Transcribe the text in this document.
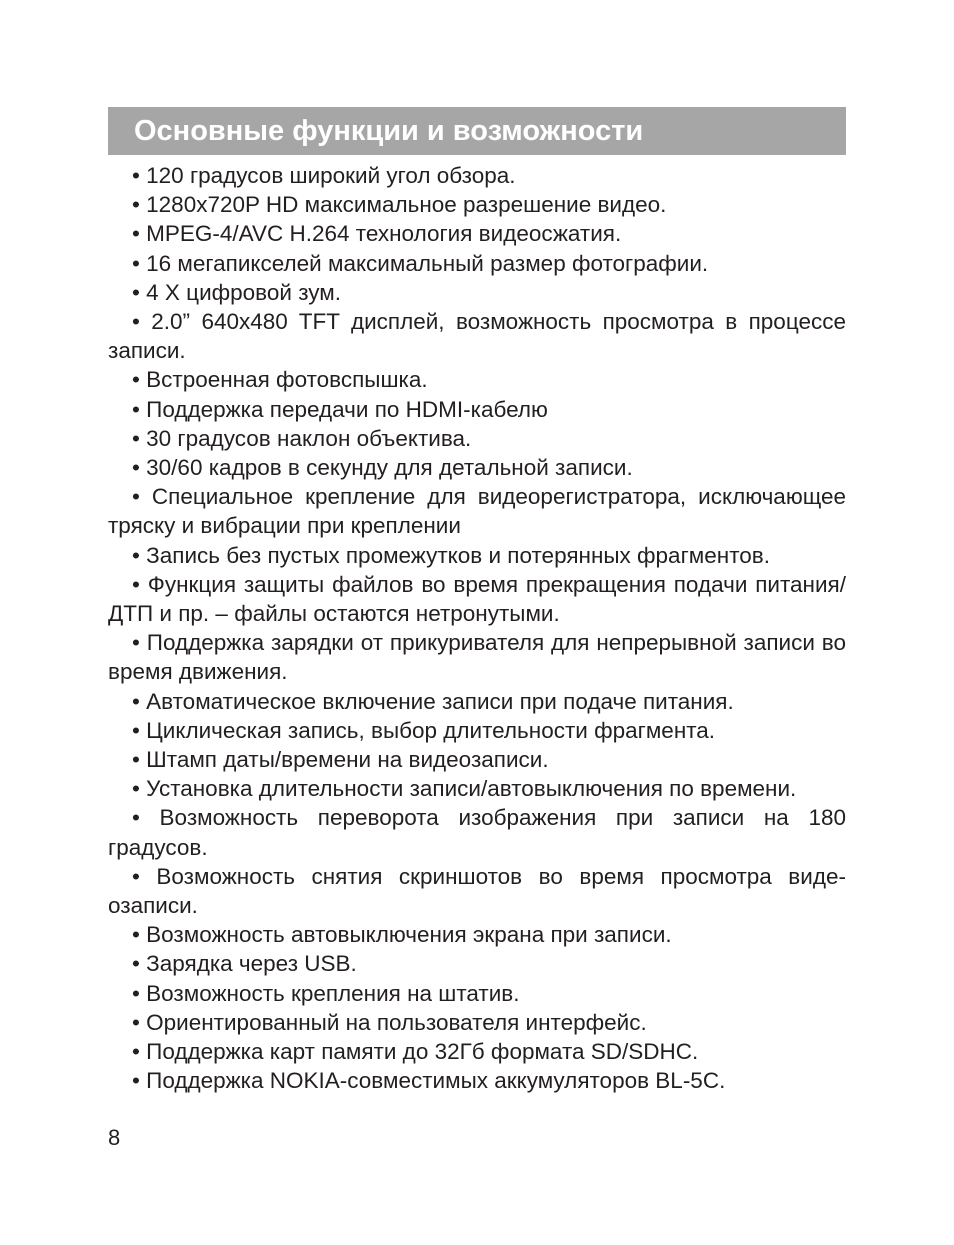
Основные функции и возможности
• 120 градусов широкий угол обзора.
• 1280x720P HD максимальное разрешение видео.
• MPEG-4/AVC H.264 технология видеосжатия.
• 16 мегапикселей максимальный размер фотографии.
• 4 X цифровой зум.
• 2.0” 640x480 TFT дисплей, возможность просмотра в процессе записи.
• Встроенная фотовспышка.
• Поддержка передачи по HDMI-кабелю
• 30 градусов наклон объектива.
• 30/60 кадров в секунду для детальной записи.
• Специальное крепление для видеорегистратора, исключающее тряску и вибрации при креплении
• Запись без пустых промежутков и потерянных фрагментов.
• Функция защиты файлов во время прекращения подачи питания/ДТП и пр. – файлы остаются нетронутыми.
• Поддержка зарядки от прикуривателя для непрерывной записи во время движения.
• Автоматическое включение записи при подаче питания.
• Циклическая запись, выбор длительности фрагмента.
• Штамп даты/времени на видеозаписи.
• Установка длительности записи/автовыключения по времени.
• Возможность переворота изображения при записи на 180 градусов.
• Возможность снятия скриншотов во время просмотра видеозаписи.
• Возможность автовыключения экрана при записи.
• Зарядка через USB.
• Возможность крепления на штатив.
• Ориентированный на пользователя интерфейс.
• Поддержка карт памяти до 32Гб формата SD/SDHC.
• Поддержка NOKIA-совместимых аккумуляторов BL-5C.
8
